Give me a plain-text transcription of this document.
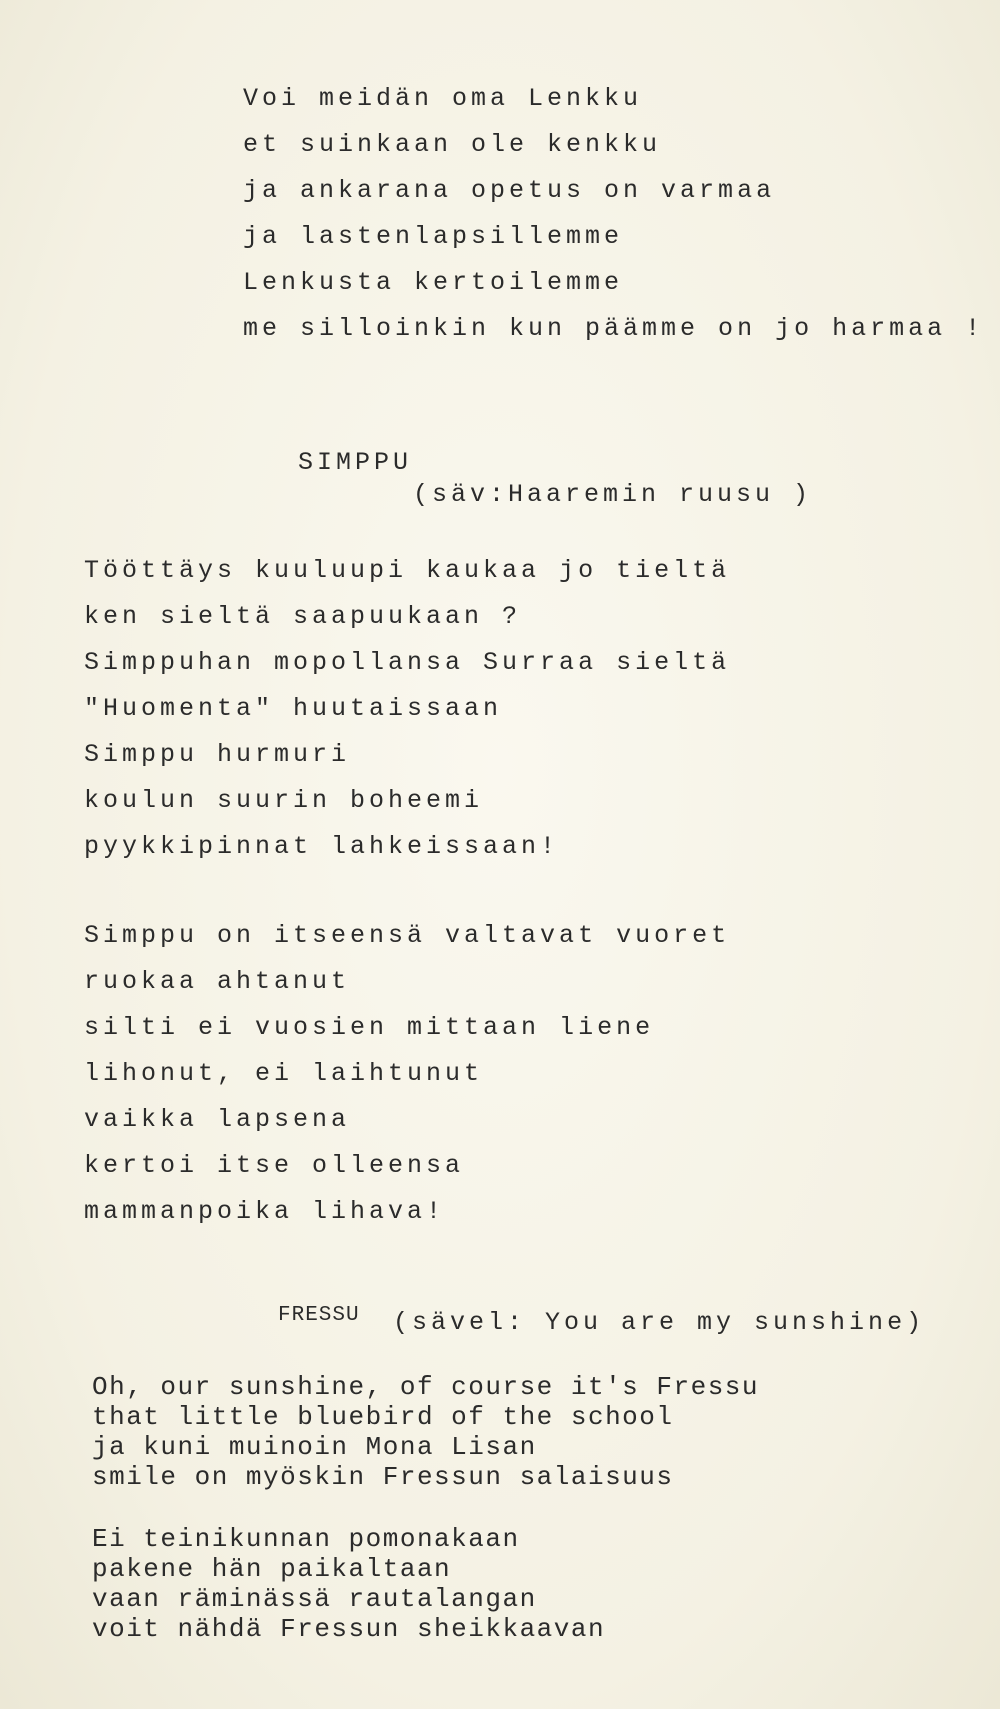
Voi meidän oma Lenkku
et suinkaan ole kenkku
ja ankarana opetus on varmaa
ja lastenlapsillemme
Lenkusta kertoilemme
me silloinkin kun päämme on jo harmaa !
SIMPPU
(säv:Haaremin ruusu )
Tööttäys kuuluupi kaukaa jo tieltä
ken sieltä saapuukaan ?
Simppuhan mopollansa Surraa sieltä
"Huomenta" huutaissaan
Simppu hurmuri
koulun suurin boheemi
pyykkipinnat lahkeissaan!
Simppu on itseensä valtavat vuoret
ruokaa ahtanut
silti ei vuosien mittaan liene
lihonut, ei laihtunut
vaikka lapsena
kertoi itse olleensa
mammanpoika lihava!
FRESSU (sävel: You are my sunshine)
Oh, our sunshine, of course it's Fressu
that little bluebird of the school
ja kuni muinoin Mona Lisan
smile on myöskin Fressun salaisuus
Ei teinikunnan pomonakaan
pakene hän paikaltaan
vaan räminässä rautalangan
voit nähdä Fressun sheikkaavan
